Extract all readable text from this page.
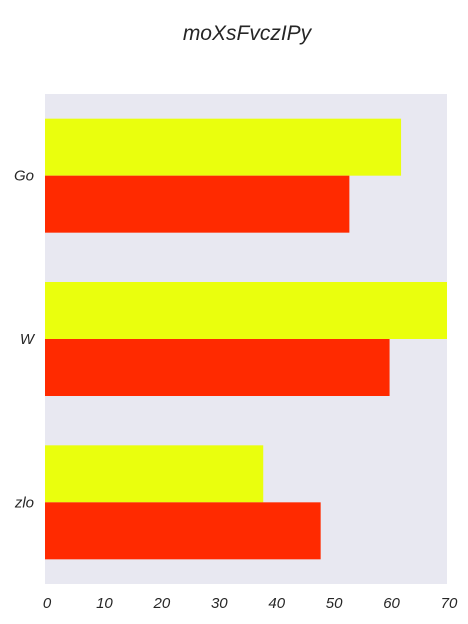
moXsFvczIPy
Go
W
zlo
0	10	20	30	40	50	60	70
